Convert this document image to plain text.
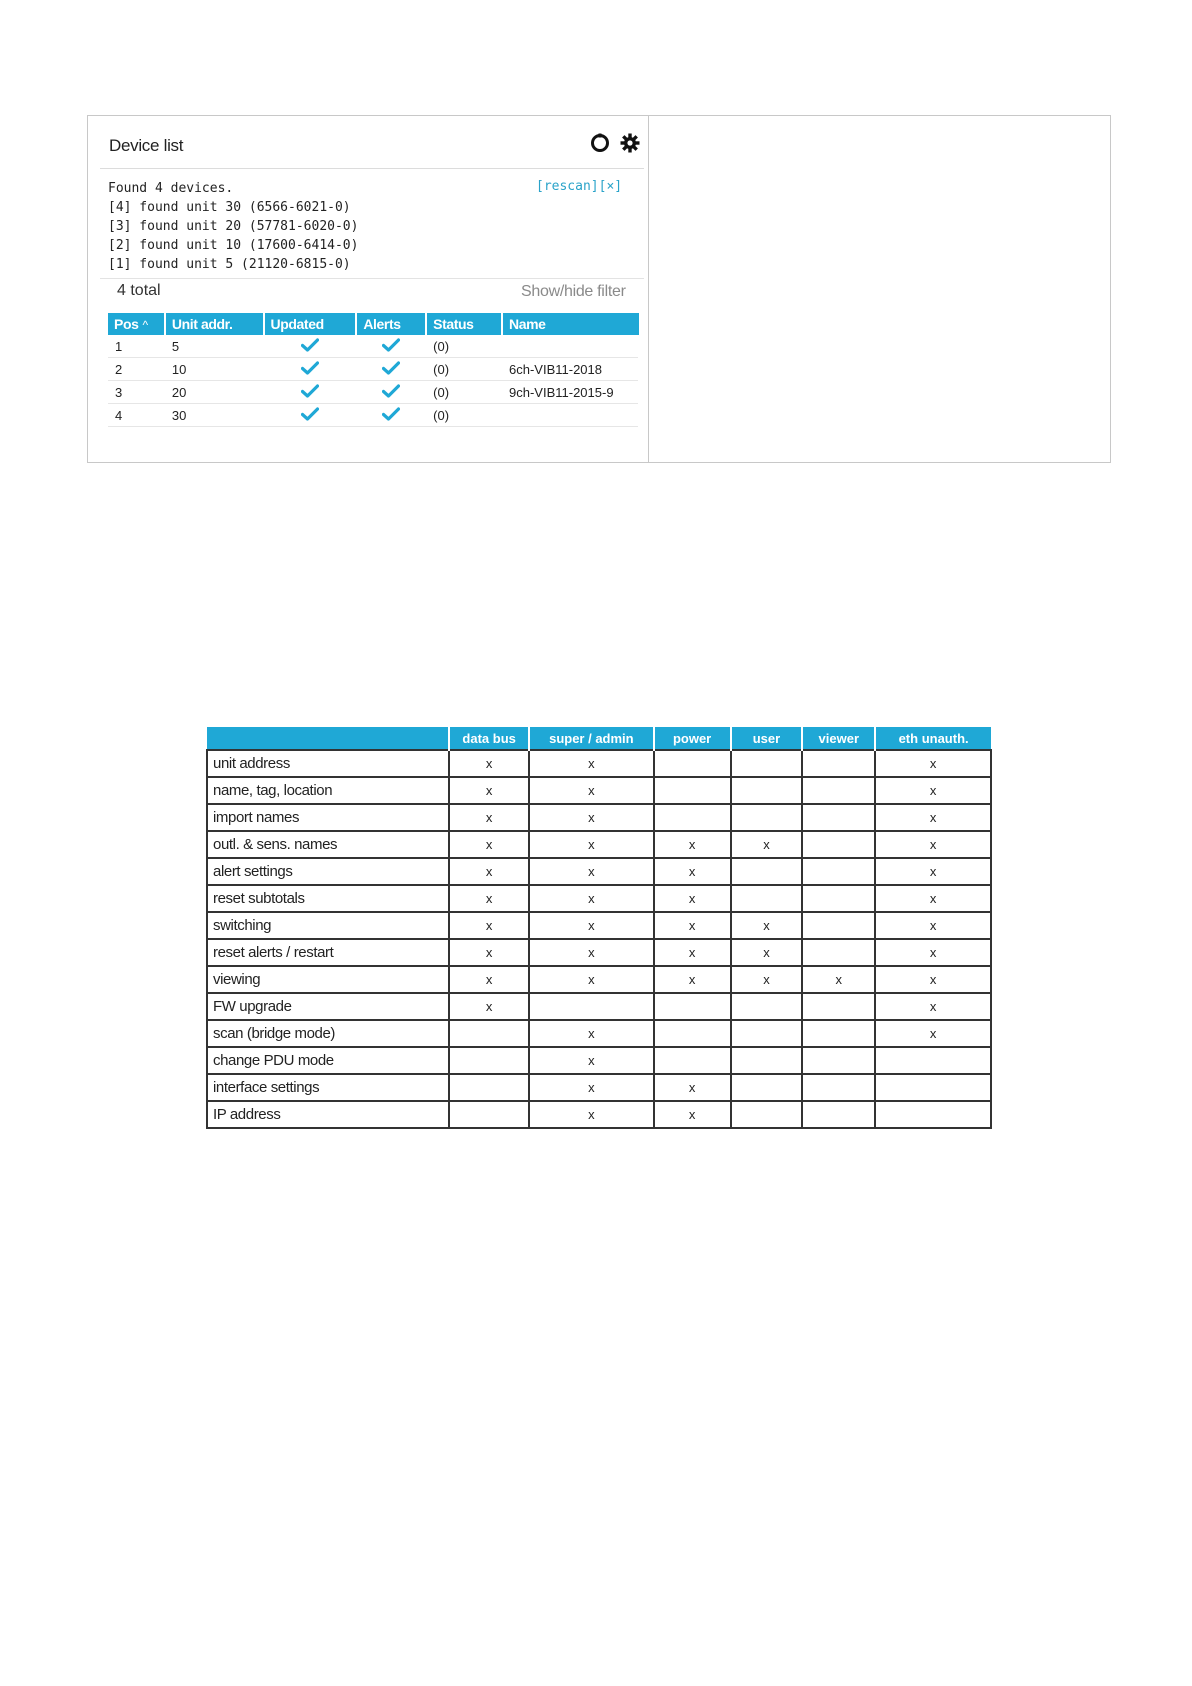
Device list
Found 4 devices.
[4] found unit 30 (6566-6021-0)
[3] found unit 20 (57781-6020-0)
[2] found unit 10 (17600-6414-0)
[1] found unit 5 (21120-6815-0)
[rescan][×]
4 total	Show/hide filter
Pos ^	Unit addr.	Updated	Alerts	Status	Name
1	5			(0)	
2	10			(0)	6ch-VIB11-2018
3	20			(0)	9ch-VIB11-2015-9
4	30			(0)	
	data bus	super / admin	power	user	viewer	eth unauth.
unit address	x	x				x
name, tag, location	x	x				x
import names	x	x				x
outl. & sens. names	x	x	x	x		x
alert settings	x	x	x			x
reset subtotals	x	x	x			x
switching	x	x	x	x		x
reset alerts / restart	x	x	x	x		x
viewing	x	x	x	x	x	x
FW upgrade	x					x
scan (bridge mode)		x				x
change PDU mode		x				
interface settings		x	x			
IP address		x	x			
